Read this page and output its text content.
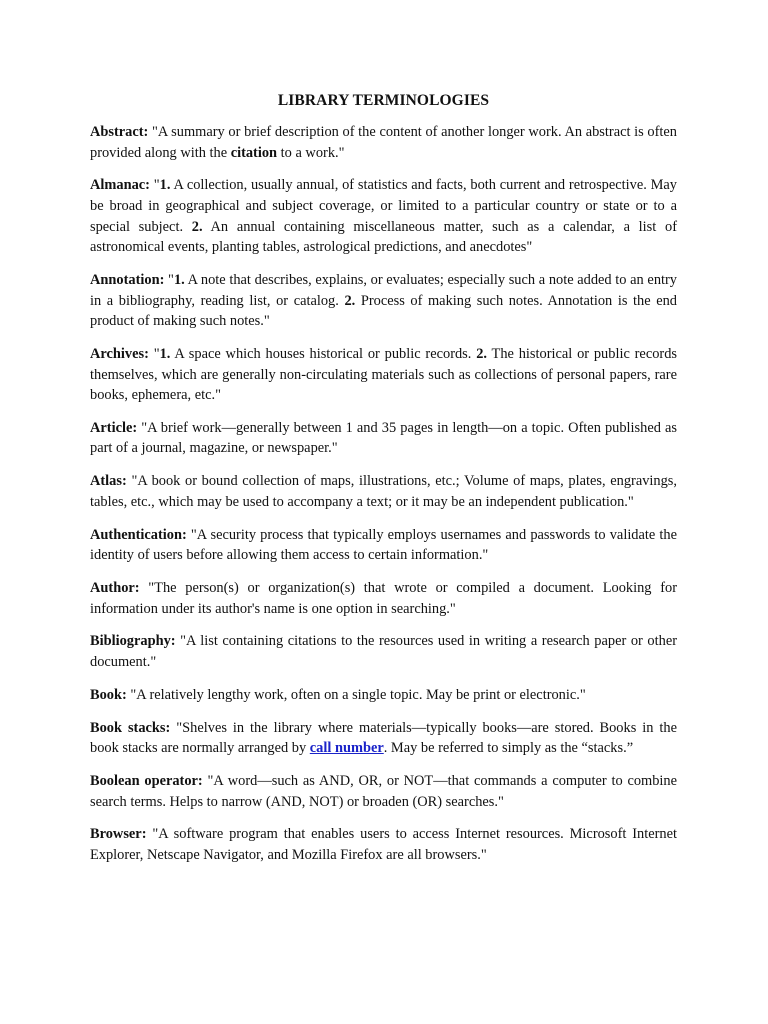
LIBRARY TERMINOLOGIES

Abstract: "A summary or brief description of the content of another longer work. An abstract is often provided along with the citation to a work."

Almanac: "1. A collection, usually annual, of statistics and facts, both current and retrospective. May be broad in geographical and subject coverage, or limited to a particular country or state or to a special subject. 2. An annual containing miscellaneous matter, such as a calendar, a list of astronomical events, planting tables, astrological predictions, and anecdotes"

Annotation: "1. A note that describes, explains, or evaluates; especially such a note added to an entry in a bibliography, reading list, or catalog. 2. Process of making such notes. Annotation is the end product of making such notes."

Archives: "1. A space which houses historical or public records. 2. The historical or public records themselves, which are generally non-circulating materials such as collections of personal papers, rare books, ephemera, etc."

Article: "A brief work—generally between 1 and 35 pages in length—on a topic. Often published as part of a journal, magazine, or newspaper."

Atlas: "A book or bound collection of maps, illustrations, etc.; Volume of maps, plates, engravings, tables, etc., which may be used to accompany a text; or it may be an independent publication."

Authentication: "A security process that typically employs usernames and passwords to validate the identity of users before allowing them access to certain information."

Author: "The person(s) or organization(s) that wrote or compiled a document. Looking for information under its author's name is one option in searching."

Bibliography: "A list containing citations to the resources used in writing a research paper or other document."

Book: "A relatively lengthy work, often on a single topic. May be print or electronic."

Book stacks: "Shelves in the library where materials—typically books—are stored. Books in the book stacks are normally arranged by call number. May be referred to simply as the “stacks.”

Boolean operator: "A word—such as AND, OR, or NOT—that commands a computer to combine search terms. Helps to narrow (AND, NOT) or broaden (OR) searches."

Browser: "A software program that enables users to access Internet resources. Microsoft Internet Explorer, Netscape Navigator, and Mozilla Firefox are all browsers."
